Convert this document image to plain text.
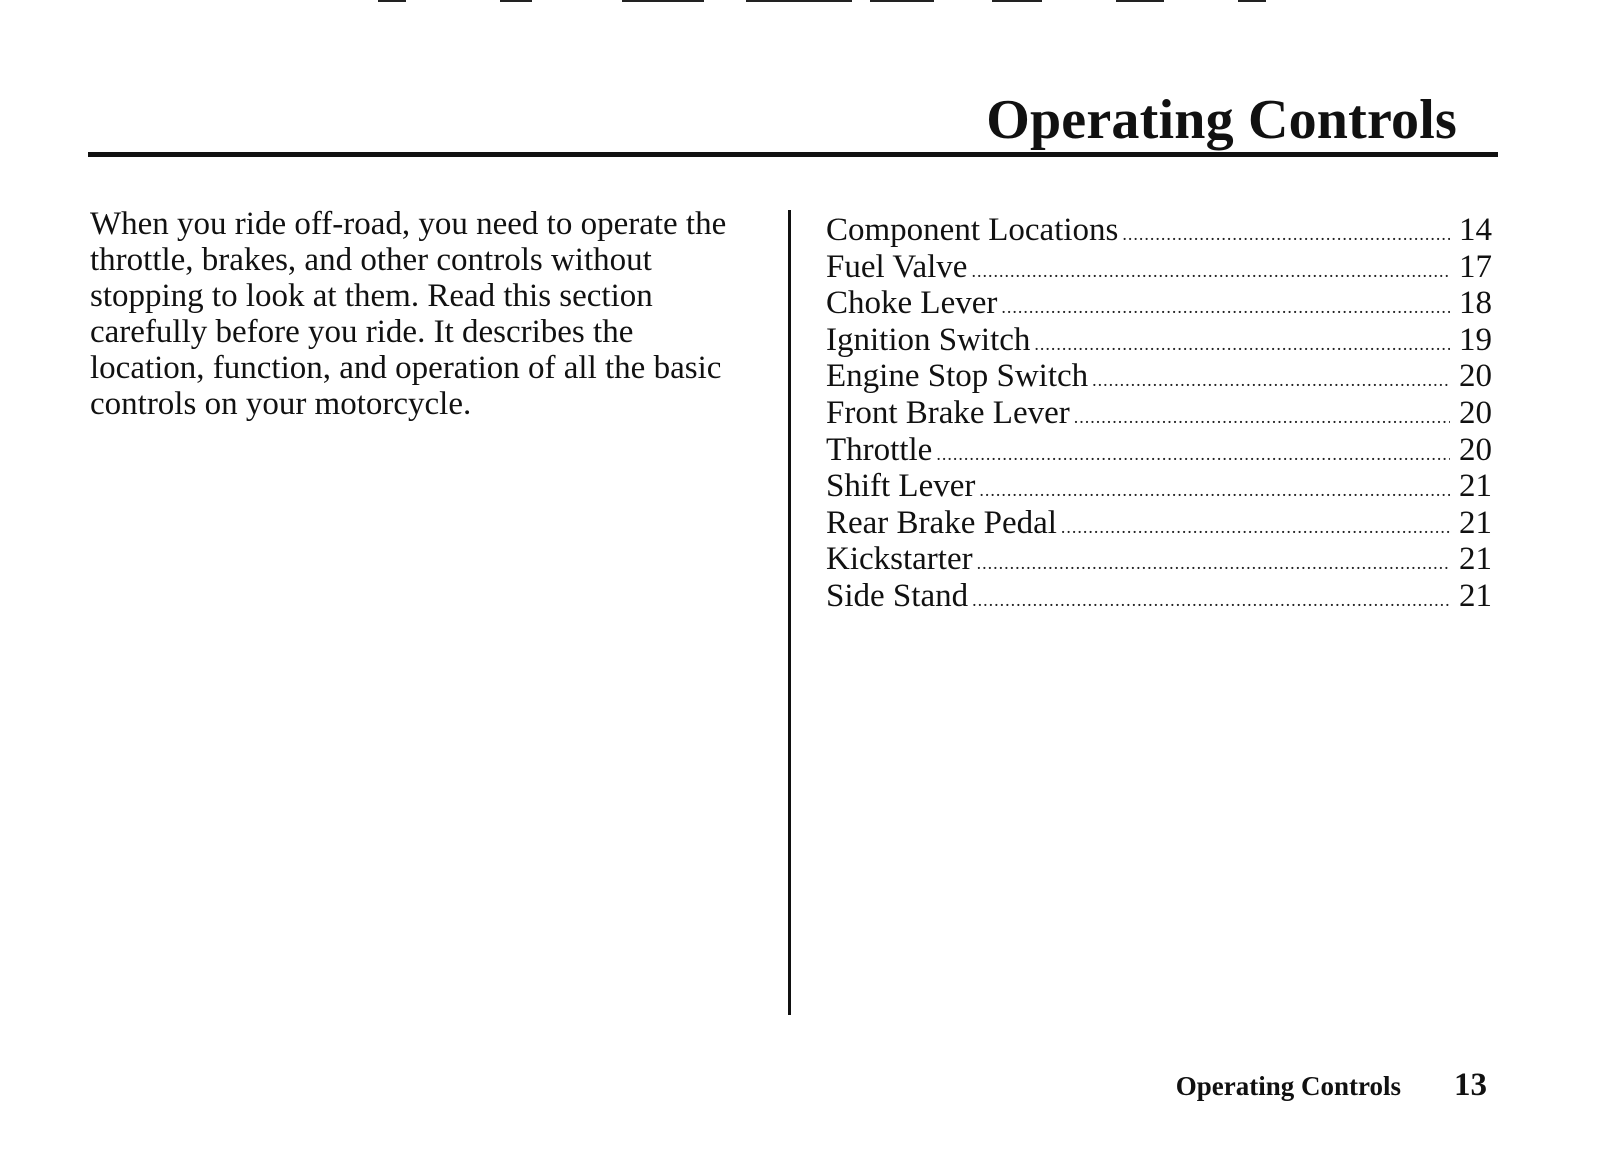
Operating Controls

When you ride off-road, you need to operate the throttle, brakes, and other controls without stopping to look at them. Read this section carefully before you ride. It describes the location, function, and operation of all the basic controls on your motorcycle.

Component Locations .....	14
Fuel Valve .....	17
Choke Lever .....	18
Ignition Switch .....	19
Engine Stop Switch .....	20
Front Brake Lever .....	20
Throttle .....	20
Shift Lever .....	21
Rear Brake Pedal .....	21
Kickstarter .....	21
Side Stand .....	21
Operating Controls 13
